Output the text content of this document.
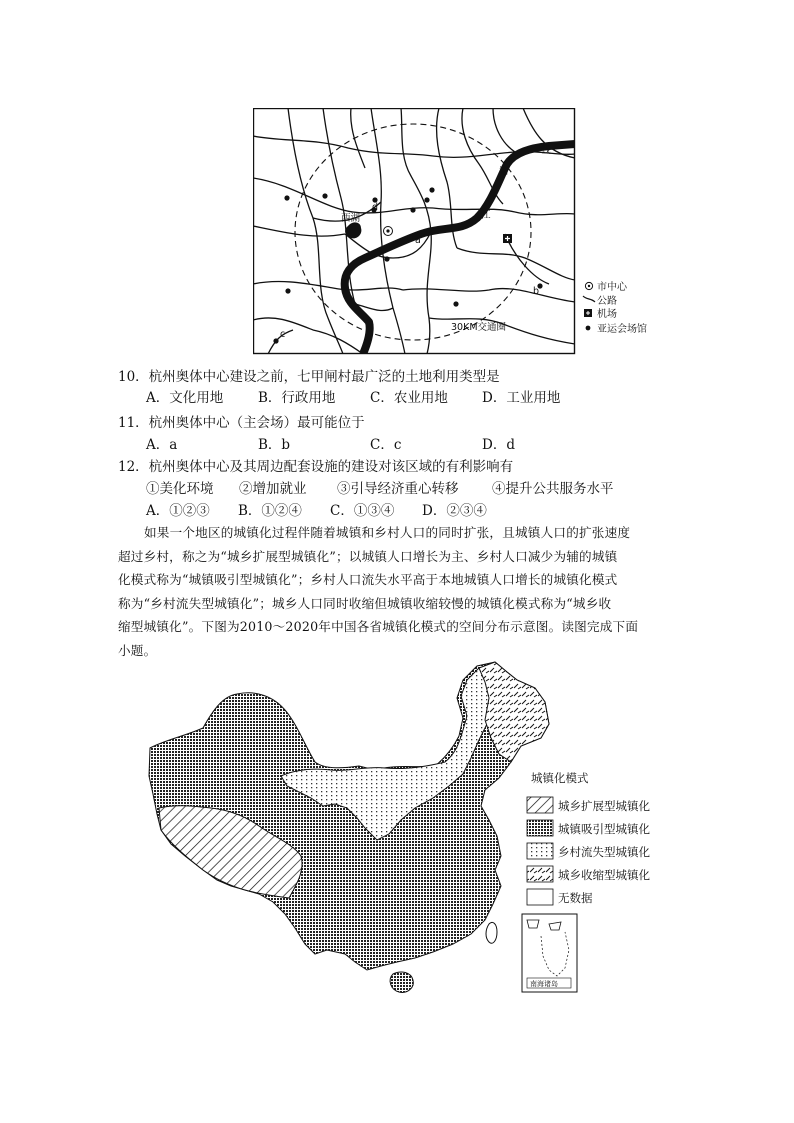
西湖
钱
塘
江
a
b
c
d
30KM交通圈
市中心
公路
机场
亚运会场馆
10．杭州奥体中心建设之前，七甲闸村最广泛的土地利用类型是
A．文化用地	B．行政用地	C．农业用地	D．工业用地
11．杭州奥体中心（主会场）最可能位于
A．a	B．b	C．c	D．d
12．杭州奥体中心及其周边配套设施的建设对该区域的有利影响有
①美化环境 ②增加就业 ③引导经济重心转移 ④提升公共服务水平
A．①②③ B．①②④ C．①③④ D．②③④
如果一个地区的城镇化过程伴随着城镇和乡村人口的同时扩张，且城镇人口的扩张速度
超过乡村，称之为“城乡扩展型城镇化”；以城镇人口增长为主、乡村人口减少为辅的城镇
化模式称为“城镇吸引型城镇化”；乡村人口流失水平高于本地城镇人口增长的城镇化模式
称为“乡村流失型城镇化”；城乡人口同时收缩但城镇收缩较慢的城镇化模式称为“城乡收
缩型城镇化”。下图为2010～2020年中国各省城镇化模式的空间分布示意图。读图完成下面
小题。
南海诸岛
城镇化模式
城乡扩展型城镇化
城镇吸引型城镇化
乡村流失型城镇化
城乡收缩型城镇化
无数据
